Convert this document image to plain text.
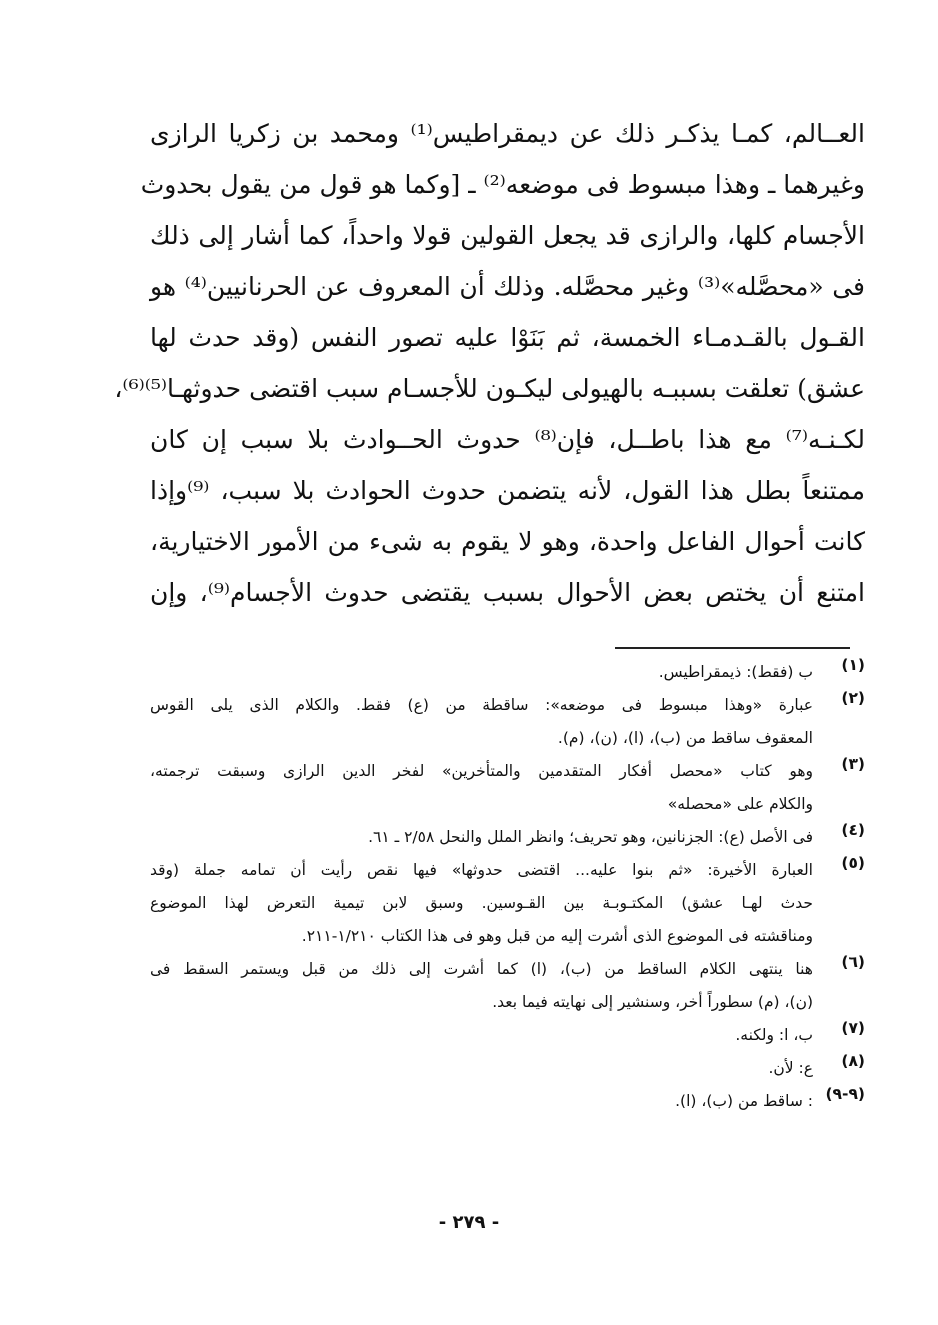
العــالم، كمـا يذكـر ذلك عن ديمقراطيس⁽¹⁾ ومحمد بن زكريا الرازى
وغيرهما ـ وهذا مبسوط فى موضعه⁽²⁾ ـ [وكما هو قول من يقول بحدوث
الأجسام كلها، والرازى قد يجعل القولين قولا واحداً، كما أشار إلى ذلك
فى «محصَّله»⁽³⁾ وغير محصَّله. وذلك أن المعروف عن الحرنانيين⁽⁴⁾ هو
القـول بالقـدمـاء الخمسة، ثم بَنَوْا عليه تصور النفس (وقد حدث لها
عشق) تعلقت بسببـه بالهيولى ليكـون للأجسـام سبب اقتضى حدوثهـا⁽⁵⁾⁽⁶⁾،
لكـنـه⁽⁷⁾ مع هذا باطــل، فإن⁽⁸⁾ حدوث الحــوادث بلا سبب إن كان
ممتنعاً بطل هذا القول، لأنه يتضمن حدوث الحوادث بلا سبب، ⁽⁹⁾وإذا
كانت أحوال الفاعل واحدة، وهو لا يقوم به شىء من الأمور الاختيارية،
امتنع أن يختص بعض الأحوال بسبب يقتضى حدوث الأجسام⁽⁹⁾، وإن
(١)
ب (فقط): ذيمقراطيس.
(٢)
عبارة «وهذا مبسوط فى موضعه»: ساقطة من (ع) فقط. والكلام الذى يلى القوس
المعقوف ساقط من (ب)، (ا)، (ن)، (م).
(٣)
وهو كتاب «محصل أفكار المتقدمين والمتأخرين» لفخر الدين الرازى وسبقت ترجمته،
والكلام على «محصله»
(٤)
فى الأصل (ع): الجزنانين، وهو تحريف؛ وانظر الملل والنحل ٢/٥٨ ـ ٦١.
(٥)
العبارة الأخيرة: «ثم بنوا عليه... اقتضى حدوثها» فيها نقص رأيت أن تمامه جملة (وقد
حدث لهـا عشق) المكتـوبـة بين القـوسين. وسبق لابن تيمية التعرض لهذا الموضوع
ومناقشته فى الموضوع الذى أشرت إليه من قبل وهو فى هذا الكتاب ١/٢١٠-٢١١.
(٦)
هنا ينتهى الكلام الساقط من (ب)، (ا) كما أشرت إلى ذلك من قبل ويستمر السقط فى
(ن)، (م) سطوراً أخر، وسنشير إلى نهايته فيما بعد.
(٧)
ب، ا: ولكنه.
(٨)
ع: لأن.
(٩-٩)
: ساقط من (ب)، (ا).
- ٢٧٩ -
